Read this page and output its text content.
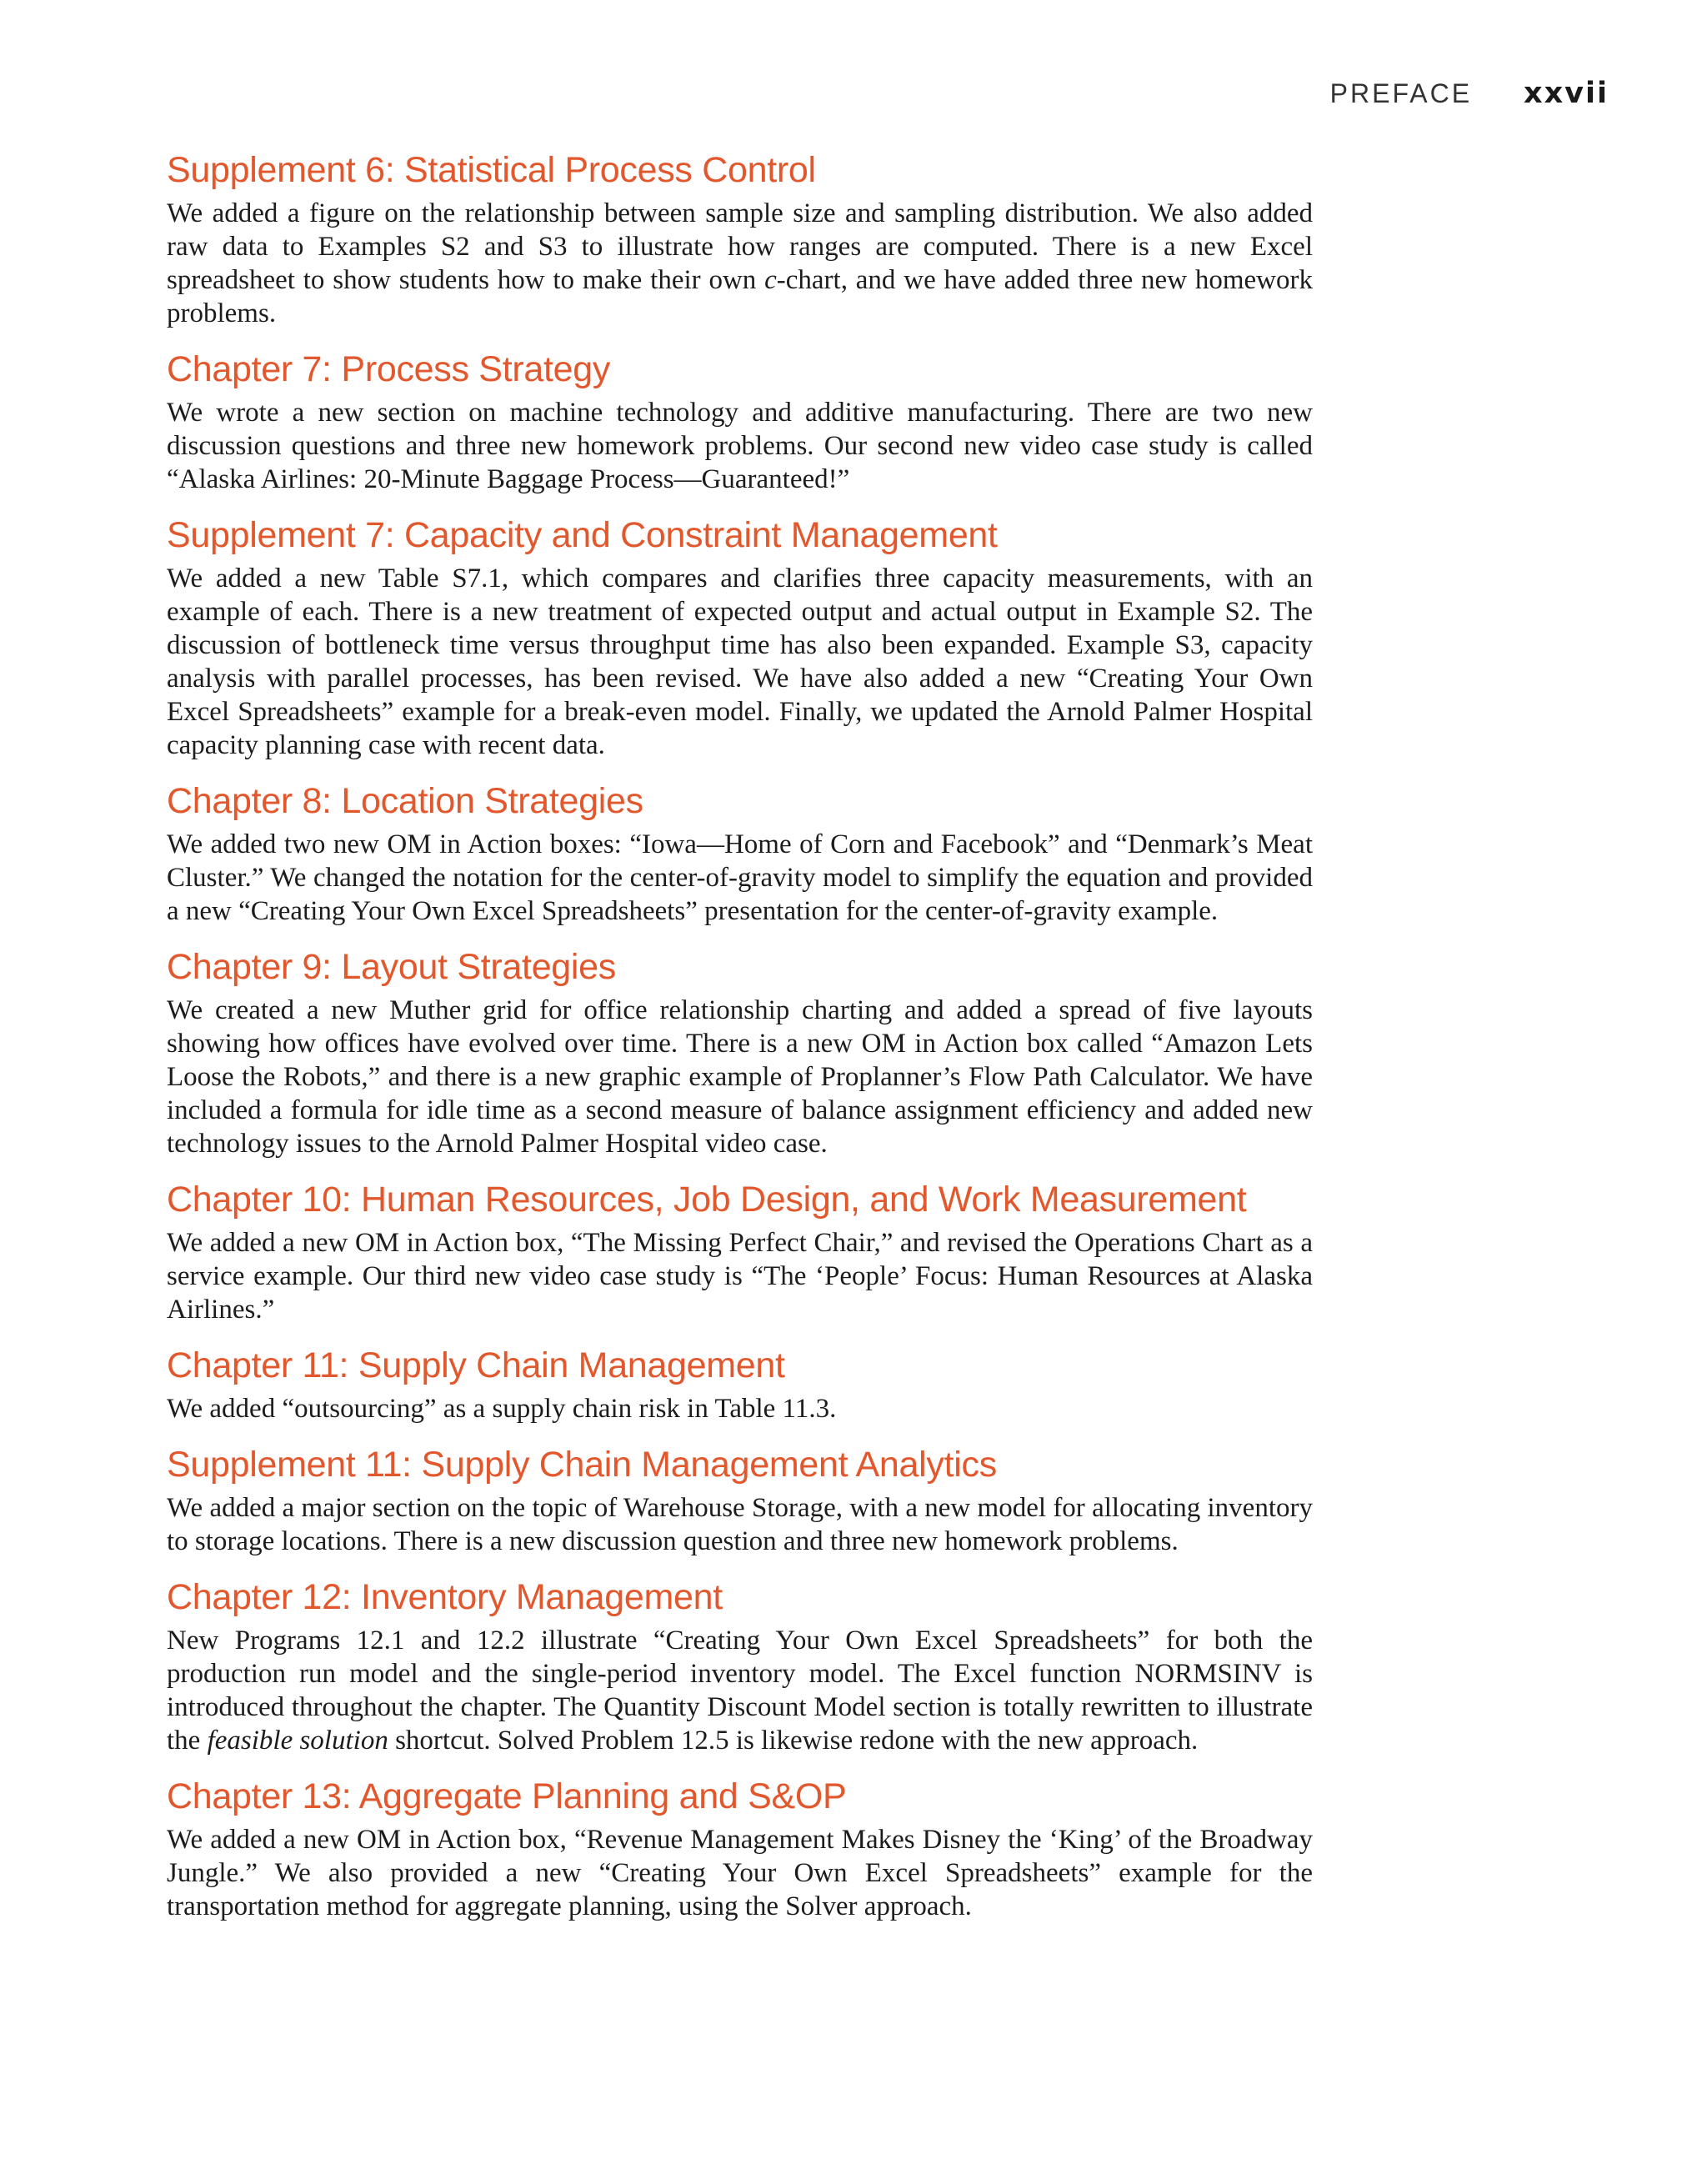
PREFACE xxvii
Supplement 6: Statistical Process Control

We added a figure on the relationship between sample size and sampling distribution. We also added raw data to Examples S2 and S3 to illustrate how ranges are computed. There is a new Excel spreadsheet to show students how to make their own c-chart, and we have added three new homework problems.

Chapter 7: Process Strategy

We wrote a new section on machine technology and additive manufacturing. There are two new discussion questions and three new homework problems. Our second new video case study is called “Alaska Airlines: 20-Minute Baggage Process—Guaranteed!”

Supplement 7: Capacity and Constraint Management

We added a new Table S7.1, which compares and clarifies three capacity measurements, with an example of each. There is a new treatment of expected output and actual output in Example S2. The discussion of bottleneck time versus throughput time has also been expanded. Example S3, capacity analysis with parallel processes, has been revised. We have also added a new “Creating Your Own Excel Spreadsheets” example for a break-even model. Finally, we updated the Arnold Palmer Hospital capacity planning case with recent data.

Chapter 8: Location Strategies

We added two new OM in Action boxes: “Iowa—Home of Corn and Facebook” and “Denmark’s Meat Cluster.” We changed the notation for the center-of-gravity model to simplify the equation and provided a new “Creating Your Own Excel Spreadsheets” presentation for the center-of-gravity example.

Chapter 9: Layout Strategies

We created a new Muther grid for office relationship charting and added a spread of five layouts showing how offices have evolved over time. There is a new OM in Action box called “Amazon Lets Loose the Robots,” and there is a new graphic example of Proplanner’s Flow Path Calculator. We have included a formula for idle time as a second measure of balance assignment efficiency and added new technology issues to the Arnold Palmer Hospital video case.

Chapter 10: Human Resources, Job Design, and Work Measurement

We added a new OM in Action box, “The Missing Perfect Chair,” and revised the Operations Chart as a service example. Our third new video case study is “The ‘People’ Focus: Human Resources at Alaska Airlines.”

Chapter 11: Supply Chain Management

We added “outsourcing” as a supply chain risk in Table 11.3.

Supplement 11: Supply Chain Management Analytics

We added a major section on the topic of Warehouse Storage, with a new model for allocating inventory to storage locations. There is a new discussion question and three new homework problems.

Chapter 12: Inventory Management

New Programs 12.1 and 12.2 illustrate “Creating Your Own Excel Spreadsheets” for both the production run model and the single-period inventory model. The Excel function NORMSINV is introduced throughout the chapter. The Quantity Discount Model section is totally rewritten to illustrate the feasible solution shortcut. Solved Problem 12.5 is likewise redone with the new approach.

Chapter 13: Aggregate Planning and S&OP

We added a new OM in Action box, “Revenue Management Makes Disney the ‘King’ of the Broadway Jungle.” We also provided a new “Creating Your Own Excel Spreadsheets” example for the transportation method for aggregate planning, using the Solver approach.
